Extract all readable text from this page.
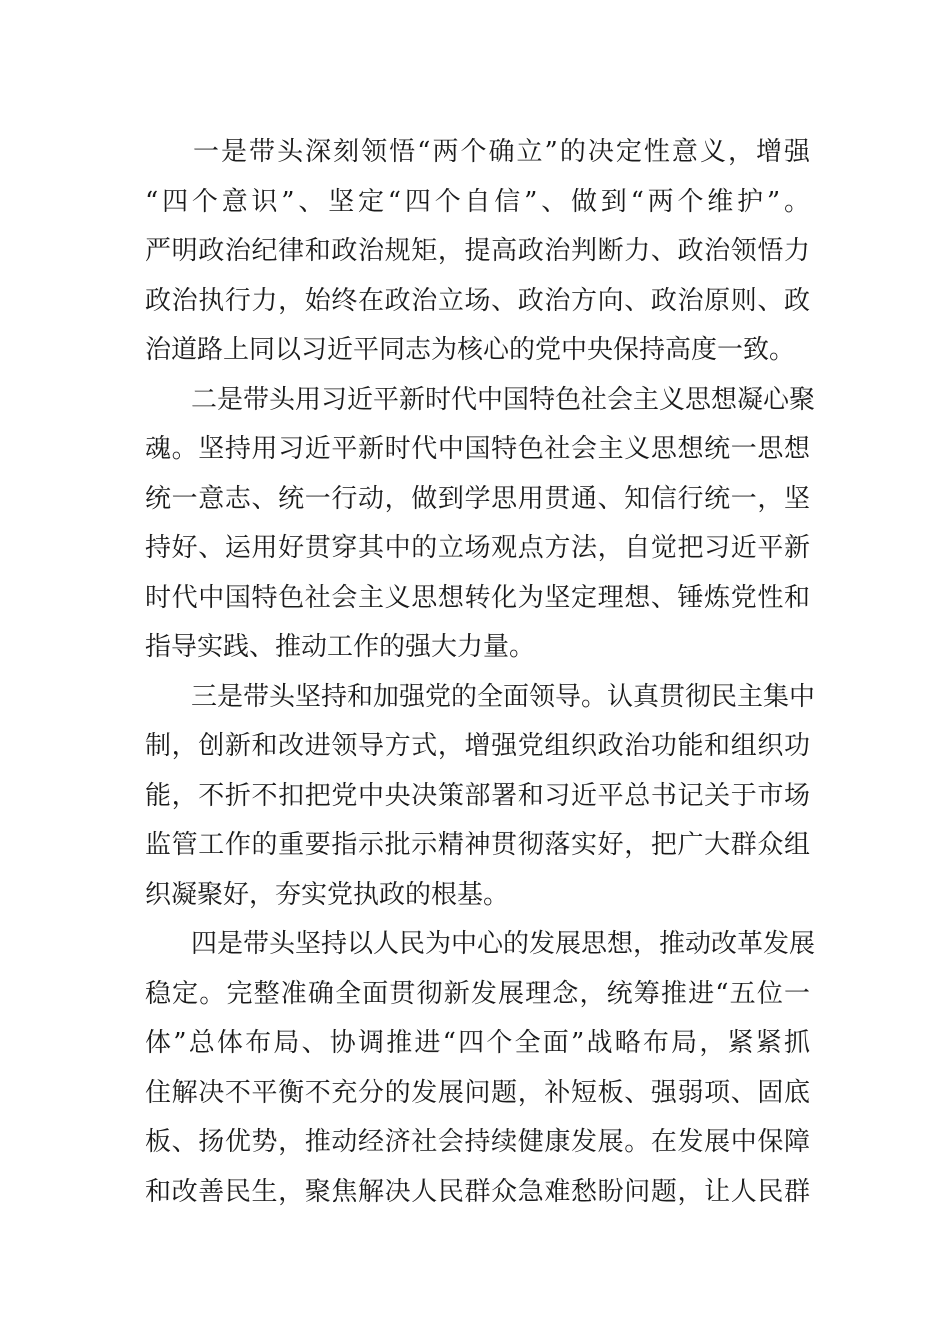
一是带头深刻领悟“两个确立”的决定性意义，增强
“四个意识”、坚定“四个自信”、做到“两个维护”。
严明政治纪律和政治规矩，提高政治判断力、政治领悟力
政治执行力，始终在政治立场、政治方向、政治原则、政
治道路上同以习近平同志为核心的党中央保持高度一致。
二是带头用习近平新时代中国特色社会主义思想凝心聚
魂。坚持用习近平新时代中国特色社会主义思想统一思想
统一意志、统一行动，做到学思用贯通、知信行统一，坚
持好、运用好贯穿其中的立场观点方法，自觉把习近平新
时代中国特色社会主义思想转化为坚定理想、锤炼党性和
指导实践、推动工作的强大力量。
三是带头坚持和加强党的全面领导。认真贯彻民主集中
制，创新和改进领导方式，增强党组织政治功能和组织功
能，不折不扣把党中央决策部署和习近平总书记关于市场
监管工作的重要指示批示精神贯彻落实好，把广大群众组
织凝聚好，夯实党执政的根基。
四是带头坚持以人民为中心的发展思想，推动改革发展
稳定。完整准确全面贯彻新发展理念，统筹推进“五位一
体”总体布局、协调推进“四个全面”战略布局，紧紧抓
住解决不平衡不充分的发展问题，补短板、强弱项、固底
板、扬优势，推动经济社会持续健康发展。在发展中保障
和改善民生，聚焦解决人民群众急难愁盼问题，让人民群
